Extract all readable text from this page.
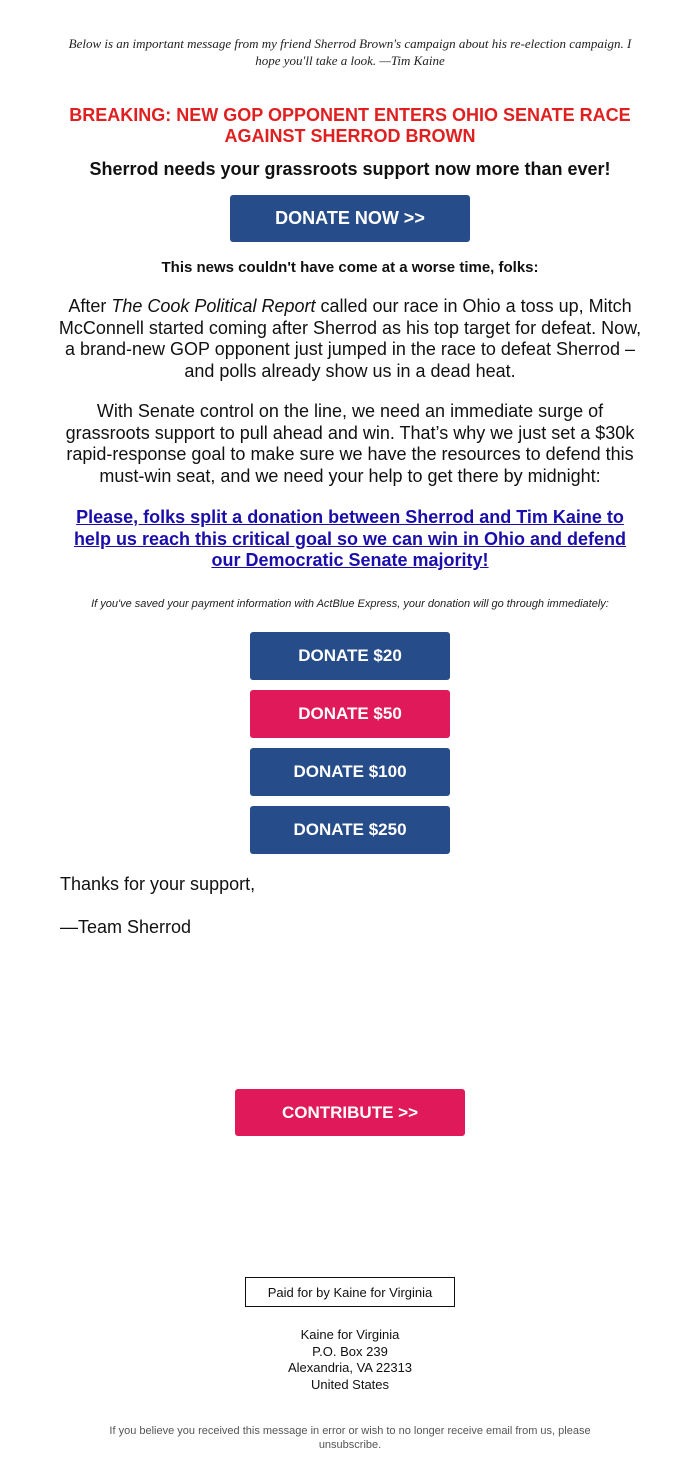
Below is an important message from my friend Sherrod Brown's campaign about his re-election campaign. I hope you'll take a look. —Tim Kaine
BREAKING: NEW GOP OPPONENT ENTERS OHIO SENATE RACE AGAINST SHERROD BROWN
Sherrod needs your grassroots support now more than ever!
DONATE NOW >>
This news couldn't have come at a worse time, folks:
After The Cook Political Report called our race in Ohio a toss up, Mitch McConnell started coming after Sherrod as his top target for defeat. Now, a brand-new GOP opponent just jumped in the race to defeat Sherrod – and polls already show us in a dead heat.
With Senate control on the line, we need an immediate surge of grassroots support to pull ahead and win. That’s why we just set a $30k rapid-response goal to make sure we have the resources to defend this must-win seat, and we need your help to get there by midnight:
Please, folks split a donation between Sherrod and Tim Kaine to help us reach this critical goal so we can win in Ohio and defend our Democratic Senate majority!
If you've saved your payment information with ActBlue Express, your donation will go through immediately:
DONATE $20
DONATE $50
DONATE $100
DONATE $250
Thanks for your support,
—Team Sherrod
CONTRIBUTE >>
Paid for by Kaine for Virginia
Kaine for Virginia
P.O. Box 239
Alexandria, VA 22313
United States
If you believe you received this message in error or wish to no longer receive email from us, please unsubscribe.
